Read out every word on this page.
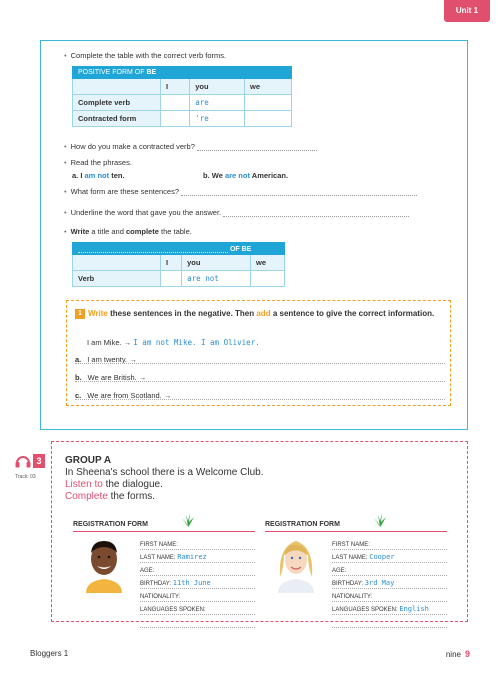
Unit 1
• Complete the table with the correct verb forms.
POSITIVE FORM OF BE			
	I	you	we
Complete verb		are	
Contracted form		're	
• How do you make a contracted verb?
• Read the phrases.
a. I am not ten.	b. We are not American.
• What form are these sentences?
• Underline the word that gave you the answer.
• Write a title and complete the table.
OF BE			
	I	you	we
Verb		are not	
1 Write these sentences in the negative. Then add a sentence to give the correct information.
I am Mike. → I am not Mike. I am Olivier.
a. I am twenty. →
b. We are British. →
c. We are from Scotland. →
3
Track: 03
GROUP A
In Sheena's school there is a Welcome Club.
Listen to the dialogue.
Complete the forms.
REGISTRATION FORM
FIRST NAME:
LAST NAME: Ramirez
AGE:
BIRTHDAY: 11th June
NATIONALITY:
LANGUAGES SPOKEN:
REGISTRATION FORM
FIRST NAME:
LAST NAME: Cooper
AGE:
BIRTHDAY: 3rd May
NATIONALITY:
LANGUAGES SPOKEN: English
Bloggers 1	nine 9
